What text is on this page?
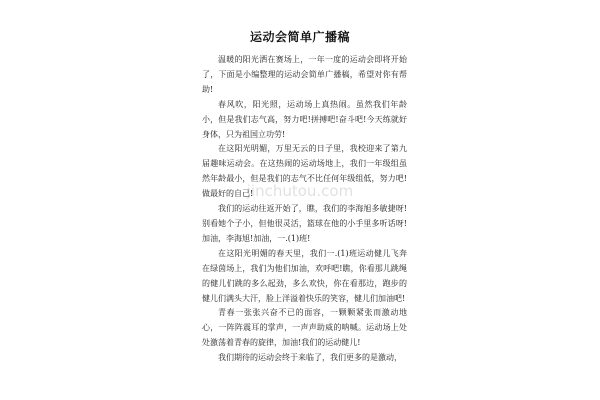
运动会简单广播稿

温暖的阳光洒在赛场上，一年一度的运动会即将开始了，下面是小编整理的运动会简单广播稿，希望对你有帮助!

春风吹，阳光照，运动场上真热闹。虽然我们年龄小，但是我们志气高，努力吧!拼搏吧!奋斗吧!今天练就好身体，只为祖国立功劳!

在这阳光明媚，万里无云的日子里，我校迎来了第九届趣味运动会。在这热闹的运动场地上，我们一年级组虽然年龄最小，但是我们的志气不比任何年级组低，努力吧!做最好的自己!

我们的运动往返开始了，瞧，我们的李海旭多敏捷呀!别看她个子小，但他很灵活，篮球在他的小手里多听话呀!加油，李海旭!加油，一.(1)班!

在这阳光明媚的春天里，我们一.(1)班运动健儿飞奔在绿茵场上，我们为他们加油，欢呼吧!瞧，你看那儿跳绳的健儿们跳的多么起劲，多么欢快，你在看那边，跑步的健儿们满头大汗，脸上洋溢着快乐的笑容，健儿们加油吧!

青春一张张兴奋不已的面容，一颗颗紧张而激动地心，一阵阵震耳的掌声，一声声助威的呐喊。运动场上处处激荡着青春的旋律，加油!我们的运动健儿!

我们期待的运动会终于来临了，我们更多的是激动，

jinchutou.com
